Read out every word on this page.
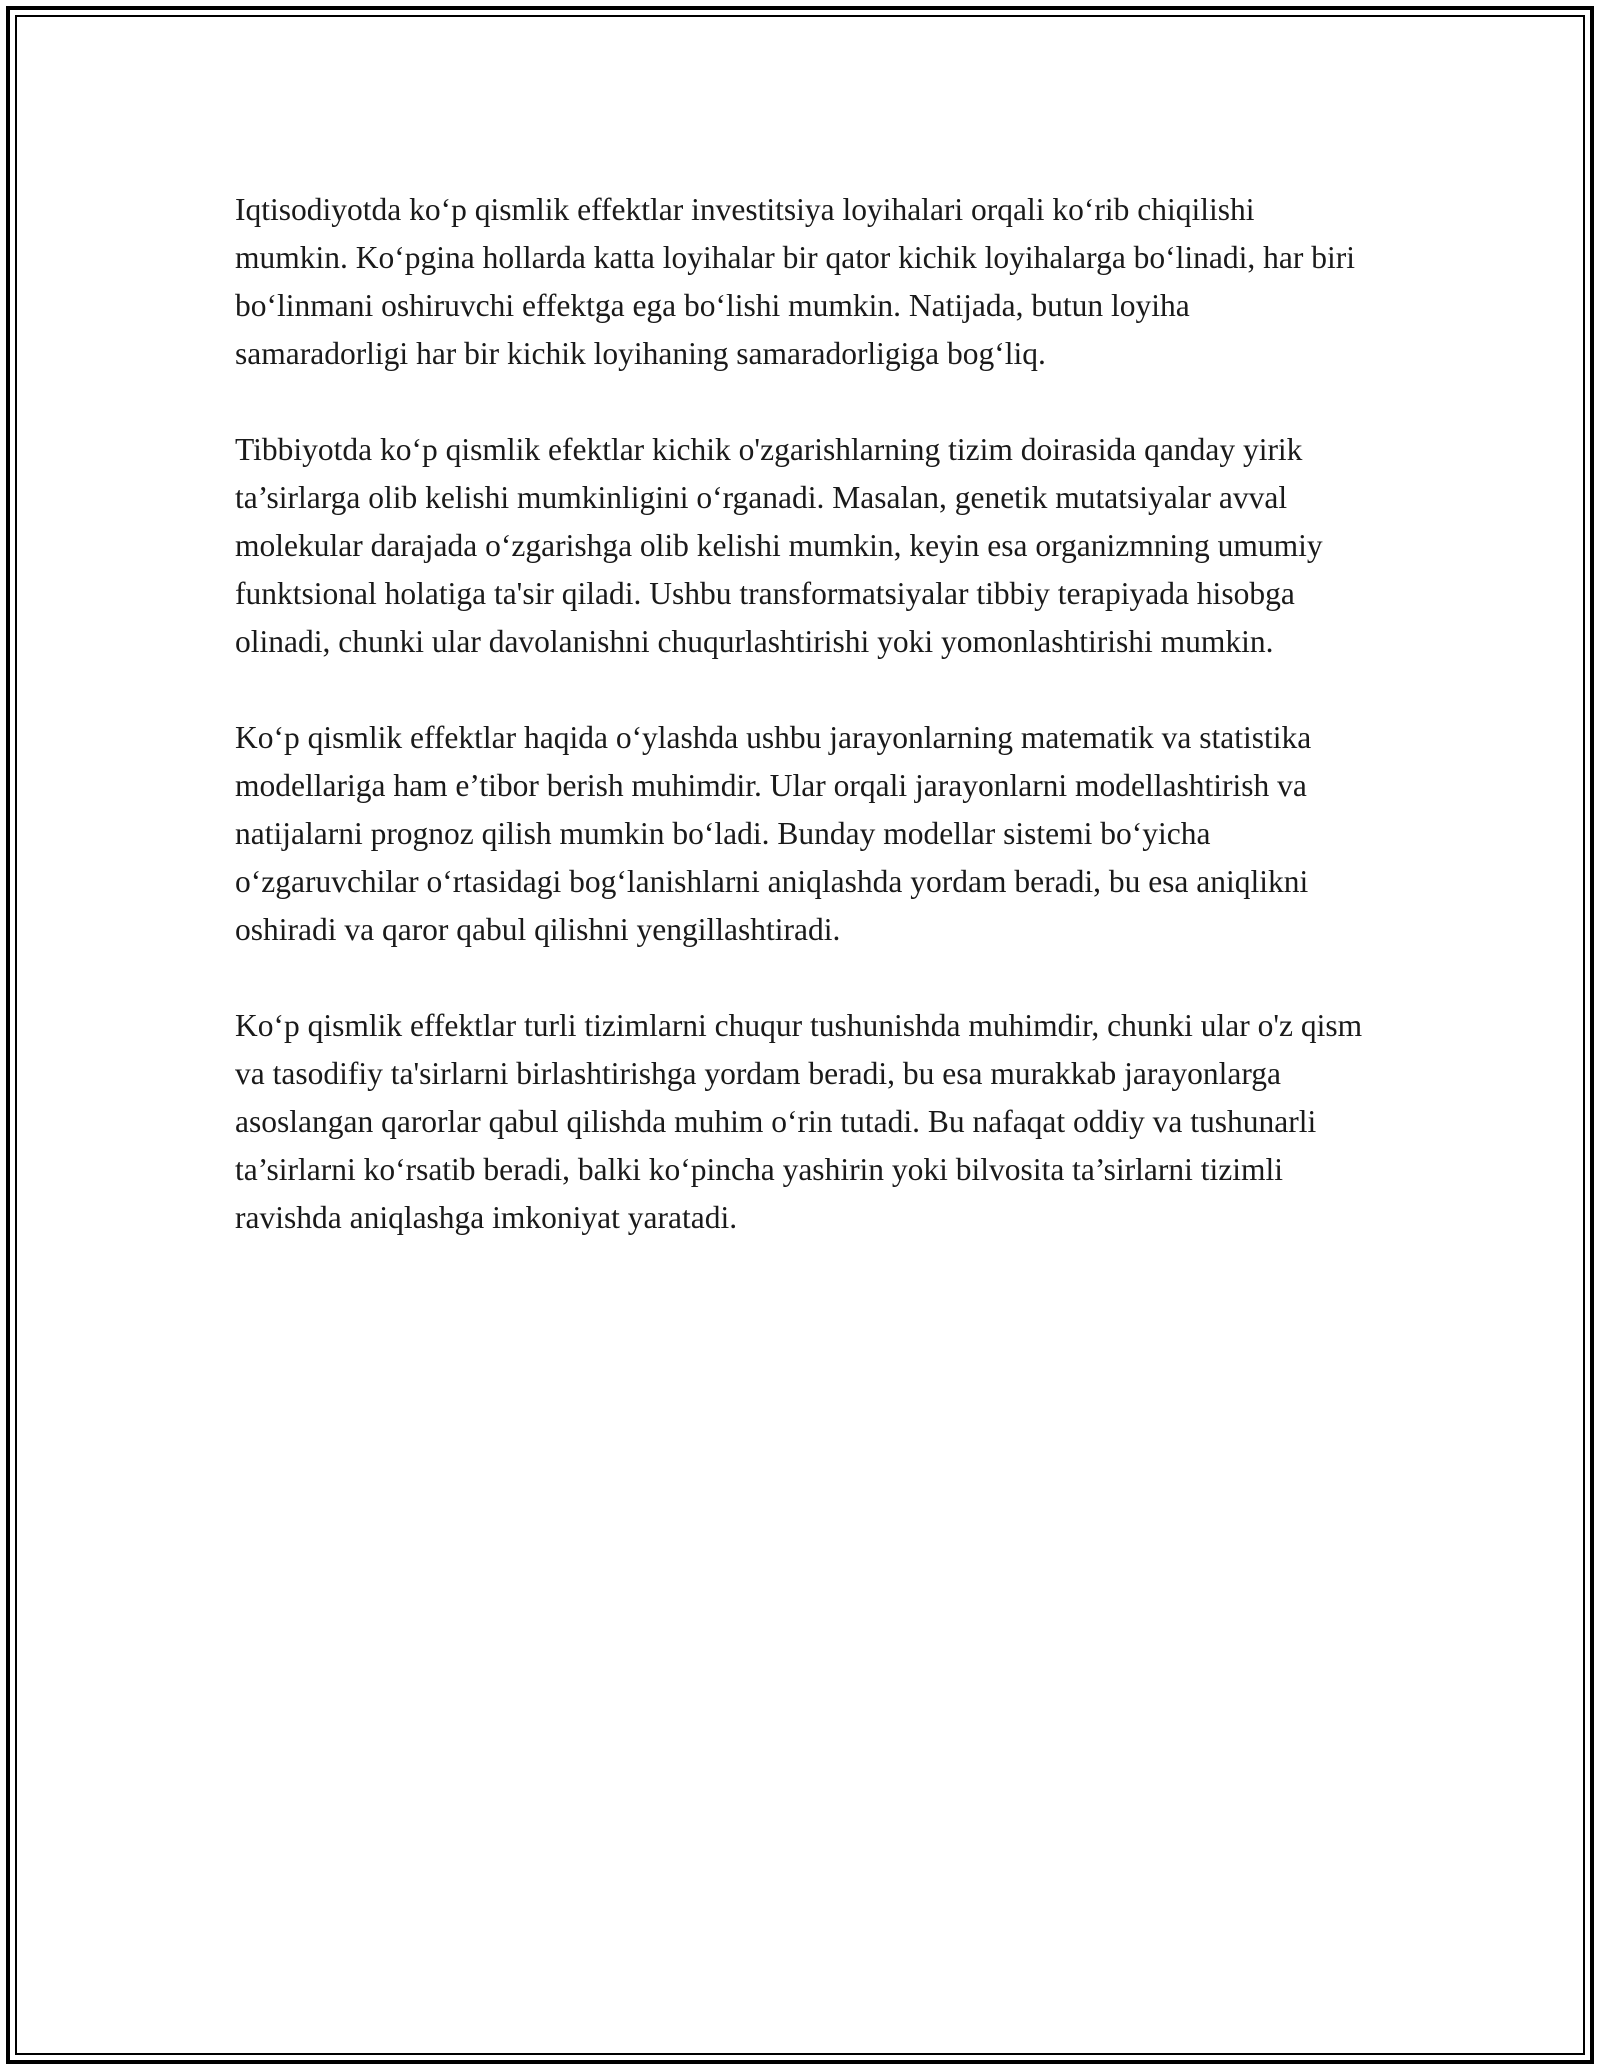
Iqtisodiyotda ko‘p qismlik effektlar investitsiya loyihalari orqali ko‘rib chiqilishi mumkin. Ko‘pgina hollarda katta loyihalar bir qator kichik loyihalarga bo‘linadi, har biri bo‘linmani oshiruvchi effektga ega bo‘lishi mumkin. Natijada, butun loyiha samaradorligi har bir kichik loyihaning samaradorligiga bog‘liq.

Tibbiyotda ko‘p qismlik efektlar kichik o'zgarishlarning tizim doirasida qanday yirik ta’sirlarga olib kelishi mumkinligini o‘rganadi. Masalan, genetik mutatsiyalar avval molekular darajada o‘zgarishga olib kelishi mumkin, keyin esa organizmning umumiy funktsional holatiga ta'sir qiladi. Ushbu transformatsiyalar tibbiy terapiyada hisobga olinadi, chunki ular davolanishni chuqurlashtirishi yoki yomonlashtirishi mumkin.

Ko‘p qismlik effektlar haqida o‘ylashda ushbu jarayonlarning matematik va statistika modellariga ham e’tibor berish muhimdir. Ular orqali jarayonlarni modellashtirish va natijalarni prognoz qilish mumkin bo‘ladi. Bunday modellar sistemi bo‘yicha o‘zgaruvchilar o‘rtasidagi bog‘lanishlarni aniqlashda yordam beradi, bu esa aniqlikni oshiradi va qaror qabul qilishni yengillashtiradi.

Ko‘p qismlik effektlar turli tizimlarni chuqur tushunishda muhimdir, chunki ular o'z qism va tasodifiy ta'sirlarni birlashtirishga yordam beradi, bu esa murakkab jarayonlarga asoslangan qarorlar qabul qilishda muhim o‘rin tutadi. Bu nafaqat oddiy va tushunarli ta’sirlarni ko‘rsatib beradi, balki ko‘pincha yashirin yoki bilvosita ta’sirlarni tizimli ravishda aniqlashga imkoniyat yaratadi.
